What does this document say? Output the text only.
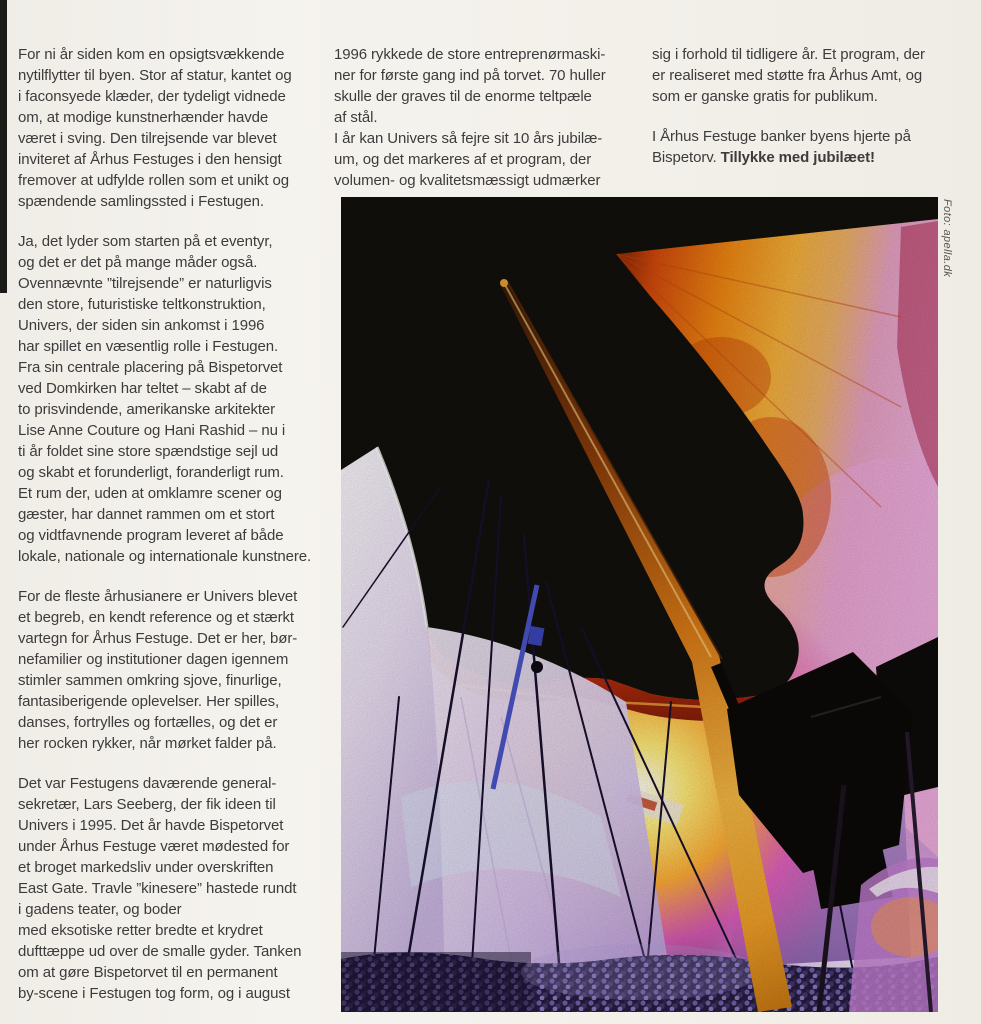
For ni år siden kom en opsigtsvækkende
nytilflytter til byen. Stor af statur, kantet og
i faconsyede klæder, der tydeligt vidnede
om, at modige kunstnerhænder havde
været i sving. Den tilrejsende var blevet
inviteret af Århus Festuges i den hensigt
fremover at udfylde rollen som et unikt og
spændende samlingssted i Festugen.

Ja, det lyder som starten på et eventyr,
og det er det på mange måder også.
Ovennævnte ”tilrejsende” er naturligvis
den store, futuristiske teltkonstruktion,
Univers, der siden sin ankomst i 1996
har spillet en væsentlig rolle i Festugen.
Fra sin centrale placering på Bispetorvet
ved Domkirken har teltet – skabt af de
to prisvindende, amerikanske arkitekter
Lise Anne Couture og Hani Rashid – nu i
ti år foldet sine store spændstige sejl ud
og skabt et forunderligt, foranderligt rum.
Et rum der, uden at omklamre scener og
gæster, har dannet rammen om et stort
og vidtfavnende program leveret af både
lokale, nationale og internationale kunstnere.

For de fleste århusianere er Univers blevet
et begreb, en kendt reference og et stærkt
vartegn for Århus Festuge. Det er her, bør-
nefamilier og institutioner dagen igennem
stimler sammen omkring sjove, finurlige,
fantasiberigende oplevelser. Her spilles,
danses, fortrylles og fortælles, og det er
her rocken rykker, når mørket falder på.

Det var Festugens daværende general-
sekretær, Lars Seeberg, der fik ideen til
Univers i 1995. Det år havde Bispetorvet
under Århus Festuge været mødested for
et broget markedsliv under overskriften
East Gate. Travle ”kinesere” hastede rundt
i gadens teater, og boder
med eksotiske retter bredte et krydret
dufttæppe ud over de smalle gyder. Tanken
om at gøre Bispetorvet til en permanent
by-scene i Festugen tog form, og i august

1996 rykkede de store entreprenørmaski-
ner for første gang ind på torvet. 70 huller
skulle der graves til de enorme teltpæle
af stål.
I år kan Univers så fejre sit 10 års jubilæ-
um, og det markeres af et program, der
volumen- og kvalitetsmæssigt udmærker

sig i forhold til tidligere år. Et program, der
er realiseret med støtte fra Århus Amt, og
som er ganske gratis for publikum.

I Århus Festuge banker byens hjerte på
Bispetorv. Tillykke med jubilæet!

Foto: apella.dk
